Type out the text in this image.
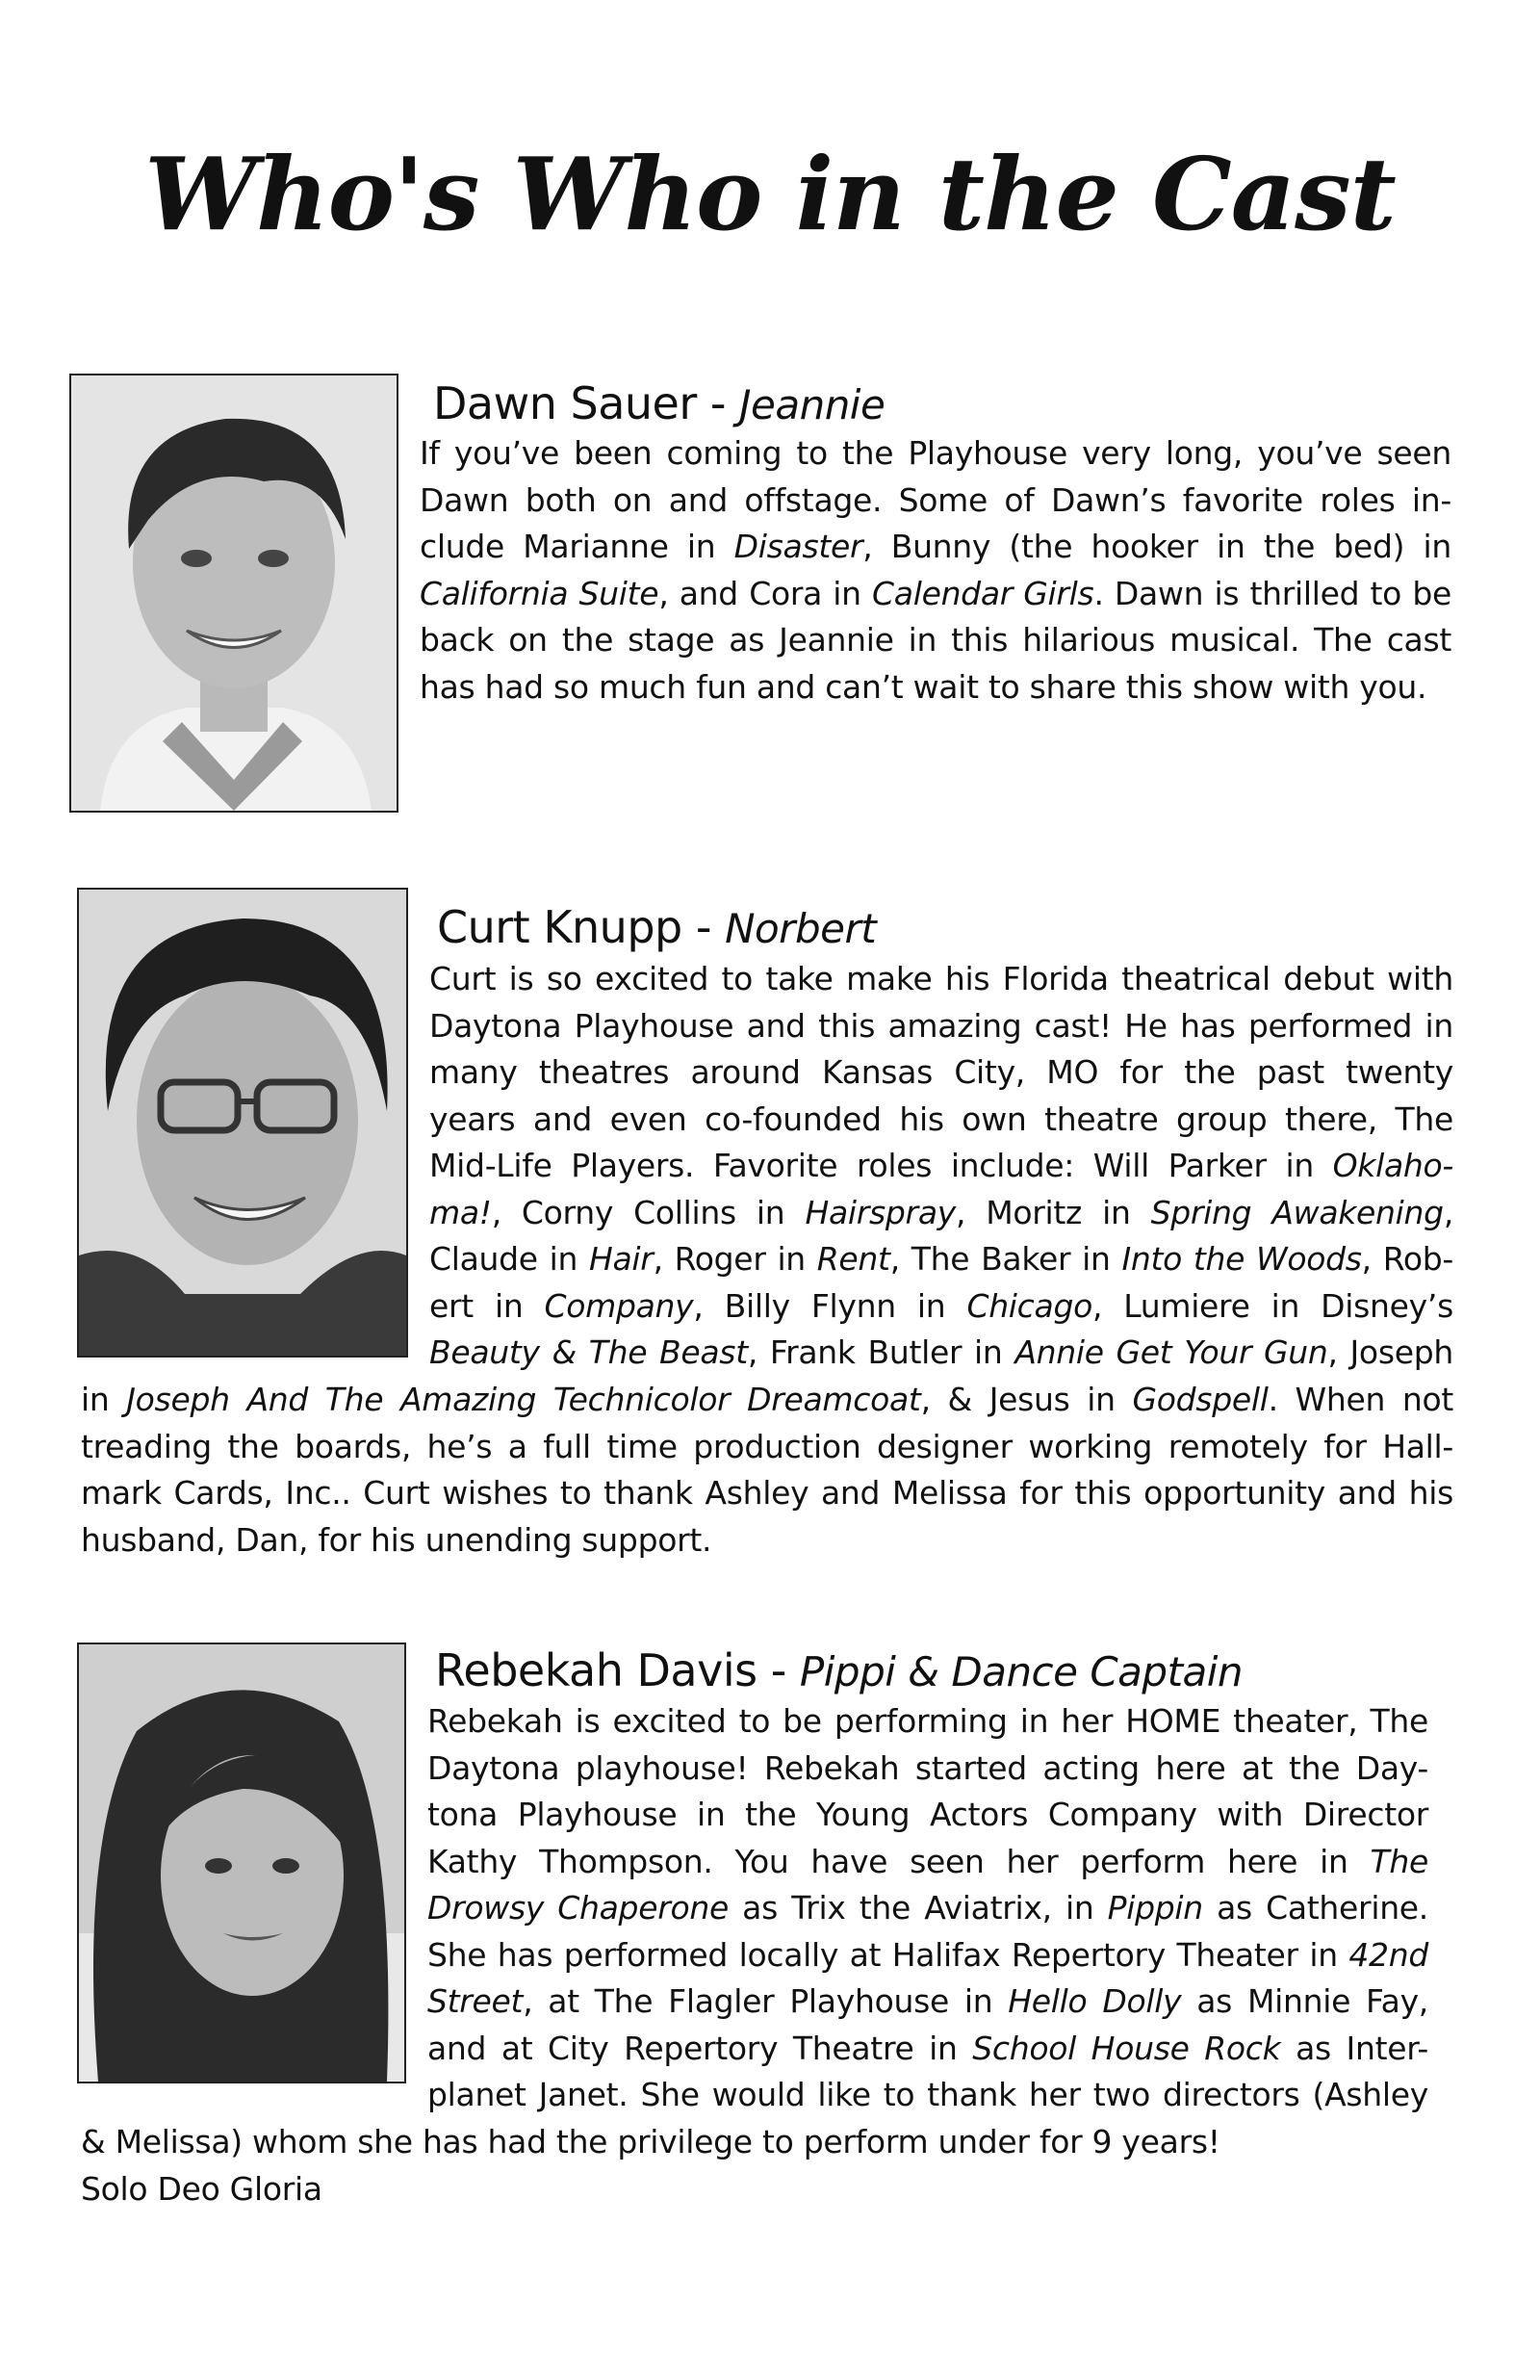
Who's Who in the Cast
Dawn Sauer - Jeannie
If you’ve been coming to the Playhouse very long, you’ve seen
Dawn both on and offstage. Some of Dawn’s favorite roles in-
clude Marianne in Disaster, Bunny (the hooker in the bed) in
California Suite, and Cora in Calendar Girls. Dawn is thrilled to be
back on the stage as Jeannie in this hilarious musical. The cast
has had so much fun and can’t wait to share this show with you.
Curt Knupp - Norbert
Curt is so excited to take make his Florida theatrical debut with
Daytona Playhouse and this amazing cast! He has performed in
many theatres around Kansas City, MO for the past twenty
years and even co-founded his own theatre group there, The
Mid-Life Players. Favorite roles include: Will Parker in Oklaho-
ma!, Corny Collins in Hairspray, Moritz in Spring Awakening,
Claude in Hair, Roger in Rent, The Baker in Into the Woods, Rob-
ert in Company, Billy Flynn in Chicago, Lumiere in Disney’s
Beauty & The Beast, Frank Butler in Annie Get Your Gun, Joseph
in Joseph And The Amazing Technicolor Dreamcoat, & Jesus in Godspell. When not
treading the boards, he’s a full time production designer working remotely for Hall-
mark Cards, Inc.. Curt wishes to thank Ashley and Melissa for this opportunity and his
husband, Dan, for his unending support.
Rebekah Davis - Pippi & Dance Captain
Rebekah is excited to be performing in her HOME theater, The
Daytona playhouse! Rebekah started acting here at the Day-
tona Playhouse in the Young Actors Company with Director
Kathy Thompson. You have seen her perform here in The
Drowsy Chaperone as Trix the Aviatrix, in Pippin as Catherine.
She has performed locally at Halifax Repertory Theater in 42nd
Street, at The Flagler Playhouse in Hello Dolly as Minnie Fay,
and at City Repertory Theatre in School House Rock as Inter-
planet Janet. She would like to thank her two directors (Ashley
& Melissa) whom she has had the privilege to perform under for 9 years!
Solo Deo Gloria
